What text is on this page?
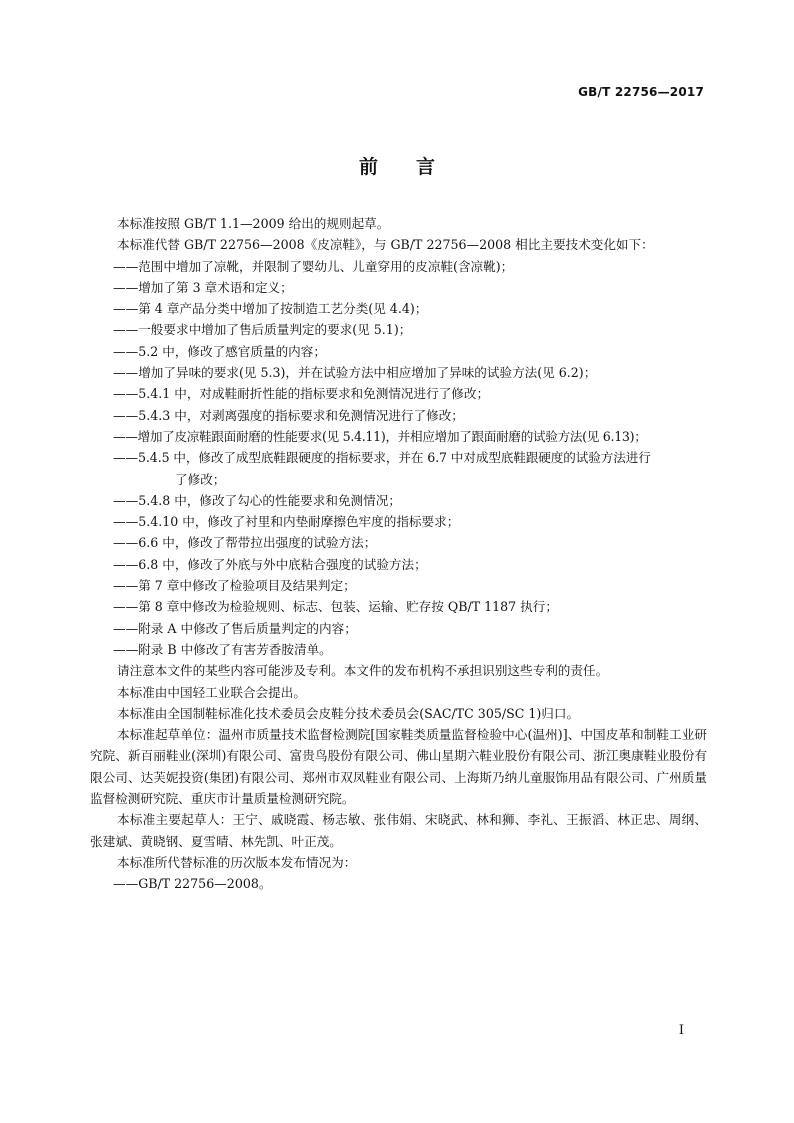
GB/T 22756—2017
前 言

本标准按照 GB/T 1.1—2009 给出的规则起草。

本标准代替 GB/T 22756—2008《皮凉鞋》，与 GB/T 22756—2008 相比主要技术变化如下：

——范围中增加了凉靴，并限制了婴幼儿、儿童穿用的皮凉鞋(含凉靴)；

——增加了第 3 章术语和定义；

——第 4 章产品分类中增加了按制造工艺分类(见 4.4)；

——一般要求中增加了售后质量判定的要求(见 5.1)；

——5.2 中，修改了感官质量的内容；

——增加了异味的要求(见 5.3)，并在试验方法中相应增加了异味的试验方法(见 6.2)；

——5.4.1 中，对成鞋耐折性能的指标要求和免测情况进行了修改；

——5.4.3 中，对剥离强度的指标要求和免测情况进行了修改；

——增加了皮凉鞋跟面耐磨的性能要求(见 5.4.11)，并相应增加了跟面耐磨的试验方法(见 6.13)；

——5.4.5 中，修改了成型底鞋跟硬度的指标要求，并在 6.7 中对成型底鞋跟硬度的试验方法进行

了修改；

——5.4.8 中，修改了勾心的性能要求和免测情况；

——5.4.10 中，修改了衬里和内垫耐摩擦色牢度的指标要求；

——6.6 中，修改了帮带拉出强度的试验方法；

——6.8 中，修改了外底与外中底粘合强度的试验方法；

——第 7 章中修改了检验项目及结果判定；

——第 8 章中修改为检验规则、标志、包装、运输、贮存按 QB/T 1187 执行；

——附录 A 中修改了售后质量判定的内容；

——附录 B 中修改了有害芳香胺清单。

请注意本文件的某些内容可能涉及专利。本文件的发布机构不承担识别这些专利的责任。

本标准由中国轻工业联合会提出。

本标准由全国制鞋标准化技术委员会皮鞋分技术委员会(SAC/TC 305/SC 1)归口。

本标准起草单位：温州市质量技术监督检测院[国家鞋类质量监督检验中心(温州)]、中国皮革和制鞋工业研究院、新百丽鞋业(深圳)有限公司、富贵鸟股份有限公司、佛山星期六鞋业股份有限公司、浙江奥康鞋业股份有限公司、达芙妮投资(集团)有限公司、郑州市双凤鞋业有限公司、上海斯乃纳儿童服饰用品有限公司、广州质量监督检测研究院、重庆市计量质量检测研究院。

本标准主要起草人：王宁、戚晓霞、杨志敏、张伟娟、宋晓武、林和狮、李礼、王振滔、林正忠、周纲、张建斌、黄晓钢、夏雪晴、林先凯、叶正茂。

本标准所代替标准的历次版本发布情况为：

——GB/T 22756—2008。

I
